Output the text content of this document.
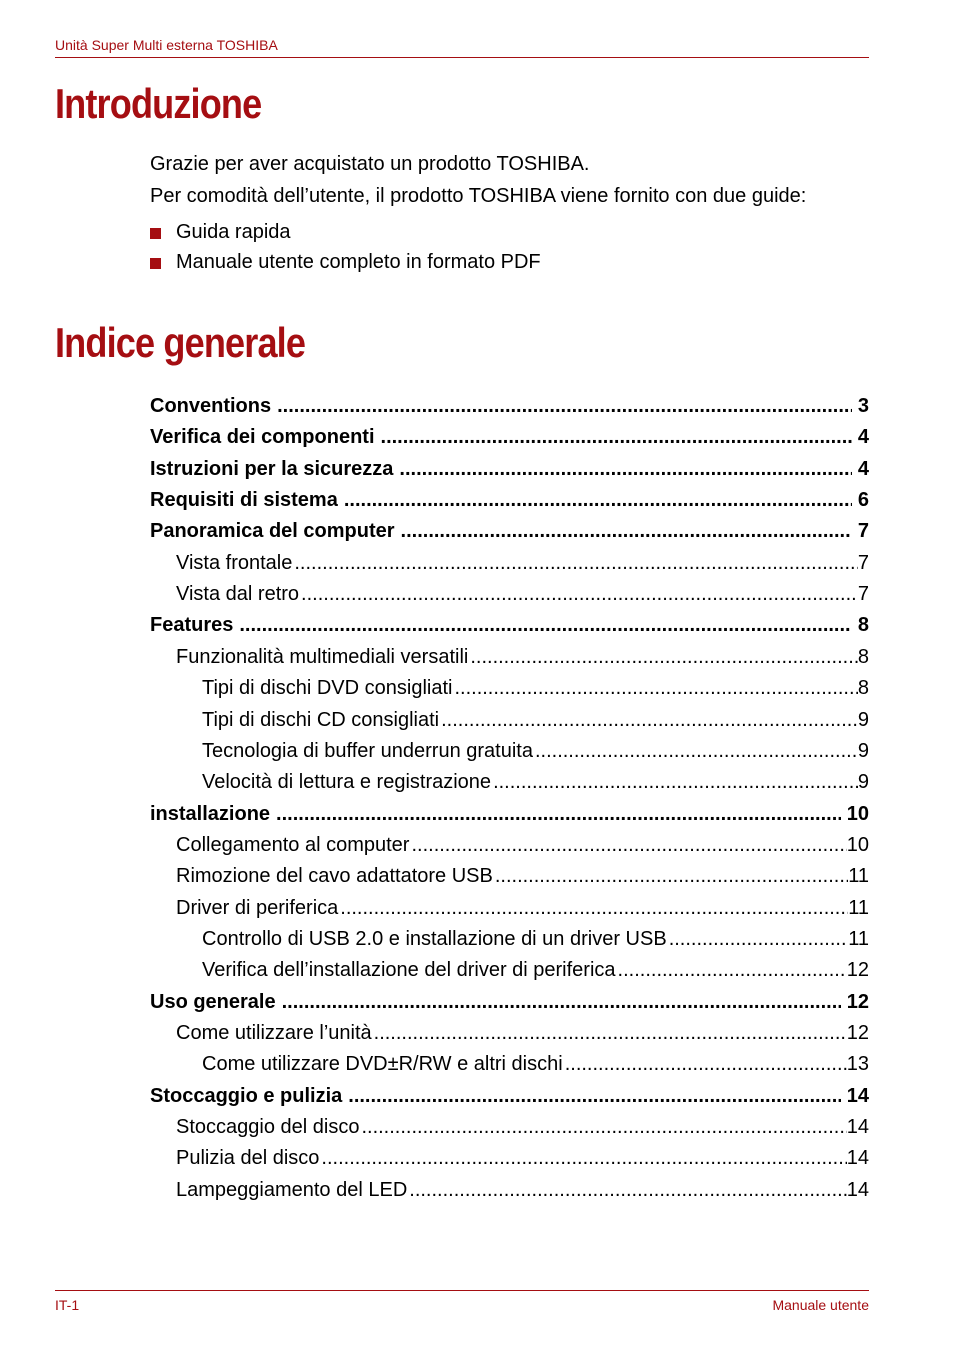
Unità Super Multi esterna TOSHIBA
Introduzione
Grazie per aver acquistato un prodotto TOSHIBA.
Per comodità dell’utente, il prodotto TOSHIBA viene fornito con due guide:
Guida rapida
Manuale utente completo in formato PDF
Indice generale
Conventions .....	3
Verifica dei componenti .....	4
Istruzioni per la sicurezza .....	4
Requisiti di sistema .....	6
Panoramica del computer .....	7
Vista frontale .....	7
Vista dal retro .....	7
Features .....	8
Funzionalità multimediali versatili .....	8
Tipi di dischi DVD consigliati .....	8
Tipi di dischi CD consigliati .....	9
Tecnologia di buffer underrun gratuita .....	9
Velocità di lettura e registrazione .....	9
installazione .....	10
Collegamento al computer .....	10
Rimozione del cavo adattatore USB .....	11
Driver di periferica .....	11
Controllo di USB 2.0 e installazione di un driver USB .....	11
Verifica dell’installazione del driver di periferica .....	12
Uso generale .....	12
Come utilizzare l’unità .....	12
Come utilizzare DVD±R/RW e altri dischi .....	13
Stoccaggio e pulizia .....	14
Stoccaggio del disco .....	14
Pulizia del disco .....	14
Lampeggiamento del LED .....	14
IT-1	Manuale utente
